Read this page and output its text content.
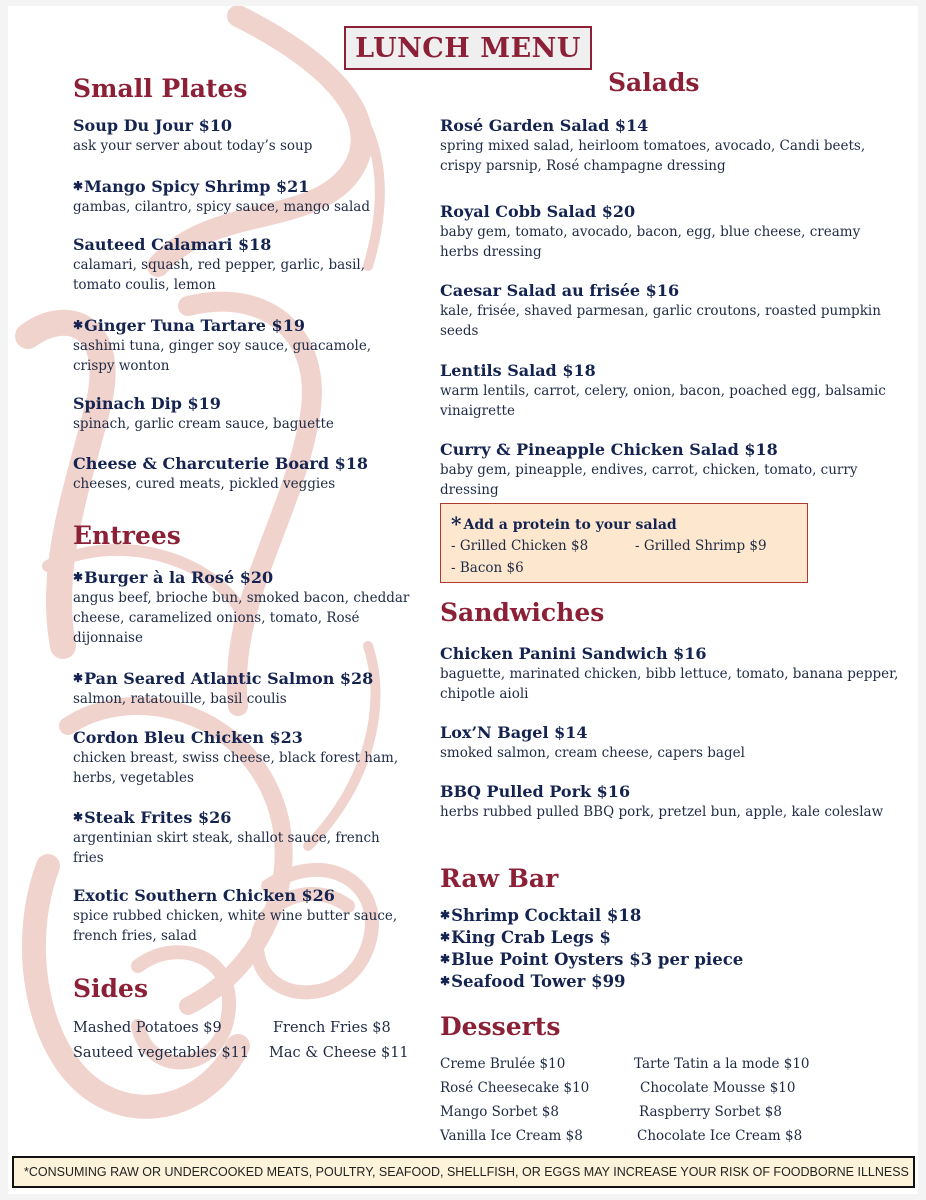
LUNCH MENU
Small Plates
Soup Du Jour $10
ask your server about today’s soup
✱Mango Spicy Shrimp $21
gambas, cilantro, spicy sauce, mango salad
Sauteed Calamari $18
calamari, squash, red pepper, garlic, basil, tomato coulis, lemon
✱Ginger Tuna Tartare $19
sashimi tuna, ginger soy sauce, guacamole, crispy wonton
Spinach Dip $19
spinach, garlic cream sauce, baguette
Cheese & Charcuterie Board $18
cheeses, cured meats, pickled veggies
Entrees
✱Burger à la Rosé $20
angus beef, brioche bun, smoked bacon, cheddar cheese, caramelized onions, tomato, Rosé dijonnaise
✱Pan Seared Atlantic Salmon $28
salmon, ratatouille, basil coulis
Cordon Bleu Chicken $23
chicken breast, swiss cheese, black forest ham, herbs, vegetables
✱Steak Frites $26
argentinian skirt steak, shallot sauce, french fries
Exotic Southern Chicken $26
spice rubbed chicken, white wine butter sauce, french fries, salad
Sides
Mashed Potatoes $9	French Fries $8
Sauteed vegetables $11 Mac & Cheese $11
Salads
Rosé Garden Salad $14
spring mixed salad, heirloom tomatoes, avocado, Candi beets, crispy parsnip, Rosé champagne dressing
Royal Cobb Salad $20
baby gem, tomato, avocado, bacon, egg, blue cheese, creamy herbs dressing
Caesar Salad au frisée $16
kale, frisée, shaved parmesan, garlic croutons, roasted pumpkin seeds
Lentils Salad $18
warm lentils, carrot, celery, onion, bacon, poached egg, balsamic vinaigrette
Curry & Pineapple Chicken Salad $18
baby gem, pineapple, endives, carrot, chicken, tomato, curry dressing
* Add a protein to your salad
- Grilled Chicken $8	- Grilled Shrimp $9
- Bacon $6
Sandwiches
Chicken Panini Sandwich $16
baguette, marinated chicken, bibb lettuce, tomato, banana pepper, chipotle aioli
Lox’N Bagel $14
smoked salmon, cream cheese, capers bagel
BBQ Pulled Pork $16
herbs rubbed pulled BBQ pork, pretzel bun, apple, kale coleslaw
Raw Bar
✱Shrimp Cocktail $18
✱King Crab Legs $
✱Blue Point Oysters $3 per piece
✱Seafood Tower $99
Desserts
Creme Brulée $10	Tarte Tatin a la mode $10
Rosé Cheesecake $10	Chocolate Mousse $10
Mango Sorbet $8	Raspberry Sorbet $8
Vanilla Ice Cream $8	Chocolate Ice Cream $8
*CONSUMING RAW OR UNDERCOOKED MEATS, POULTRY, SEAFOOD, SHELLFISH, OR EGGS MAY INCREASE YOUR RISK OF FOODBORNE ILLNESS
